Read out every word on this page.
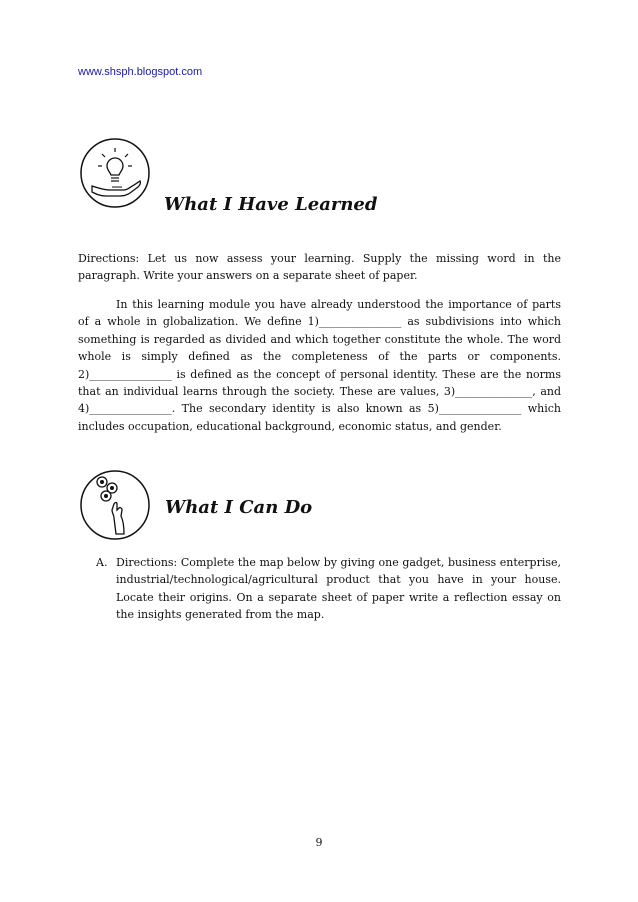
www.shsph.blogspot.com
What I Have Learned

Directions: Let us now assess your learning. Supply the missing word in the paragraph. Write your answers on a separate sheet of paper.

In this learning module you have already understood the importance of parts of a whole in globalization. We define 1)_______________ as subdivisions into which something is regarded as divided and which together constitute the whole. The word whole is simply defined as the completeness of the parts or components. 2)_______________ is defined as the concept of personal identity. These are the norms that an individual learns through the society. These are values, 3)______________, and 4)_______________. The secondary identity is also known as 5)_______________ which includes occupation, educational background, economic status, and gender.

What I Can Do
A. Directions: Complete the map below by giving one gadget, business enterprise, industrial/technological/agricultural product that you have in your house. Locate their origins. On a separate sheet of paper write a reflection essay on the insights generated from the map.
9
